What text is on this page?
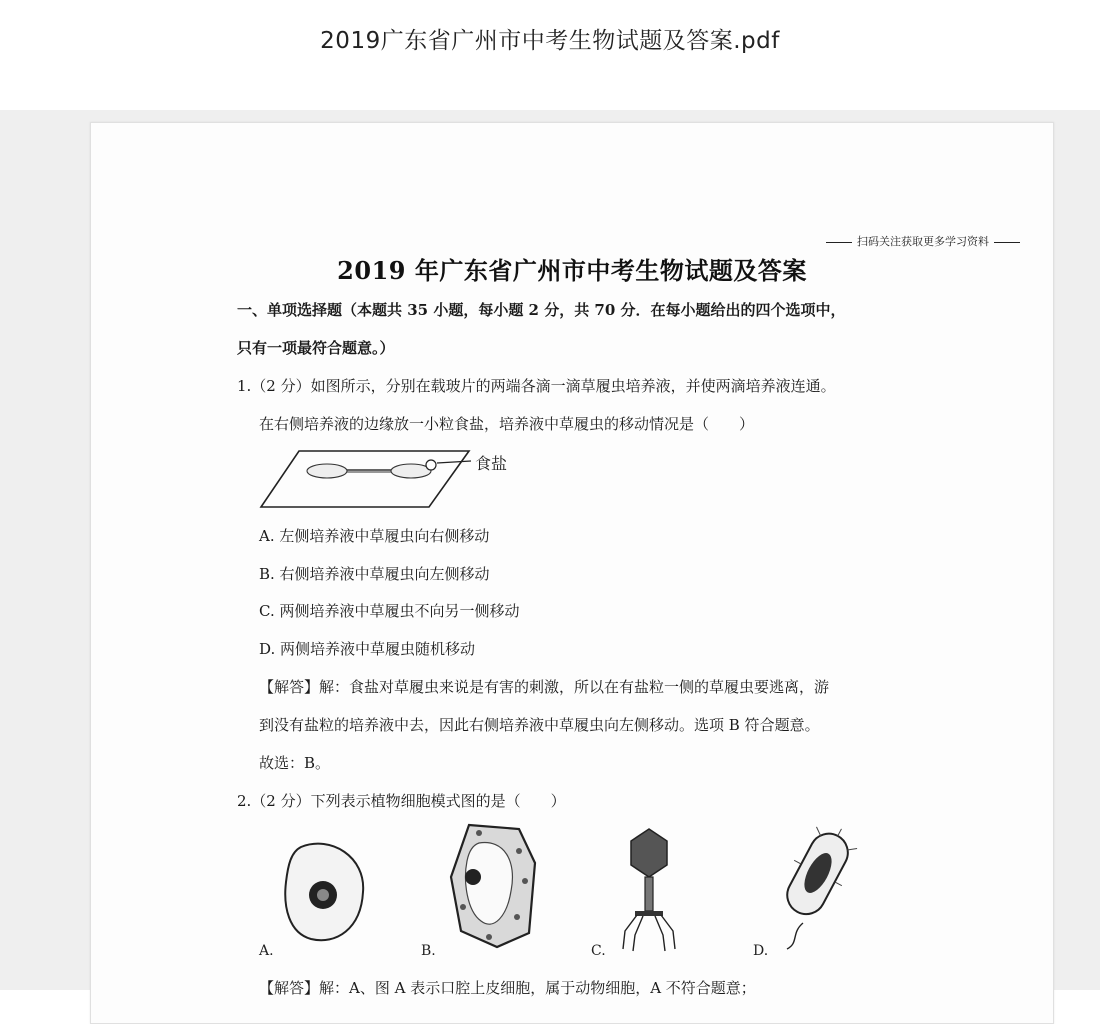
2019广东省广州市中考生物试题及答案.pdf
扫码关注获取更多学习资料
2019 年广东省广州市中考生物试题及答案
一、单项选择题（本题共 35 小题，每小题 2 分，共 70 分．在每小题给出的四个选项中，
只有一项最符合题意。）
1.（2 分）如图所示，分别在载玻片的两端各滴一滴草履虫培养液，并使两滴培养液连通。
在右侧培养液的边缘放一小粒食盐，培养液中草履虫的移动情况是（　　）
食盐
A. 左侧培养液中草履虫向右侧移动
B. 右侧培养液中草履虫向左侧移动
C. 两侧培养液中草履虫不向另一侧移动
D. 两侧培养液中草履虫随机移动
【解答】解：食盐对草履虫来说是有害的刺激，所以在有盐粒一侧的草履虫要逃离，游
到没有盐粒的培养液中去，因此右侧培养液中草履虫向左侧移动。选项 B 符合题意。
故选：B。
2.（2 分）下列表示植物细胞模式图的是（　　）
A.	B.	C.	D.
【解答】解：A、图 A 表示口腔上皮细胞，属于动物细胞，A 不符合题意；
